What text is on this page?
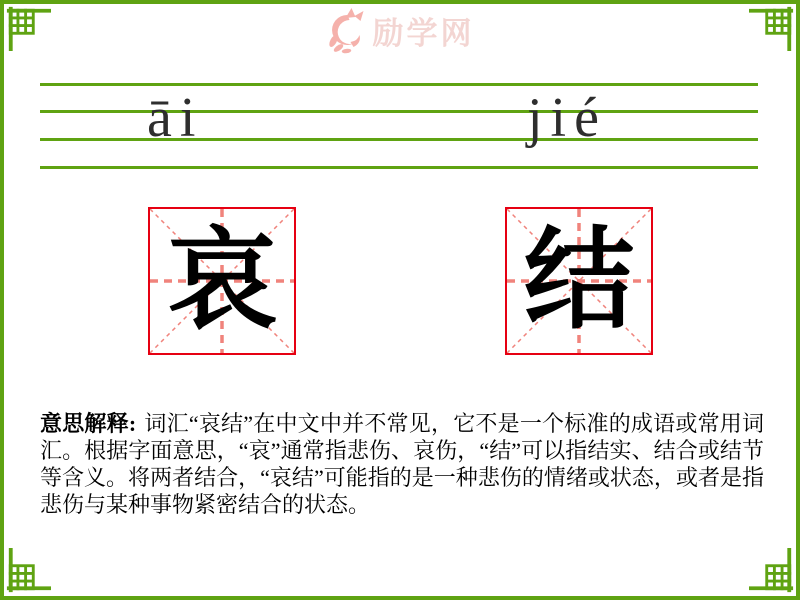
励学网
āi	jié
哀 结

意思解释: 词汇“哀结”在中文中并不常见，它不是一个标准的成语或常用词汇。根据字面意思，“哀”通常指悲伤、哀伤，“结”可以指结实、结合或结节等含义。将两者结合，“哀结”可能指的是一种悲伤的情绪或状态，或者是指悲伤与某种事物紧密结合的状态。
